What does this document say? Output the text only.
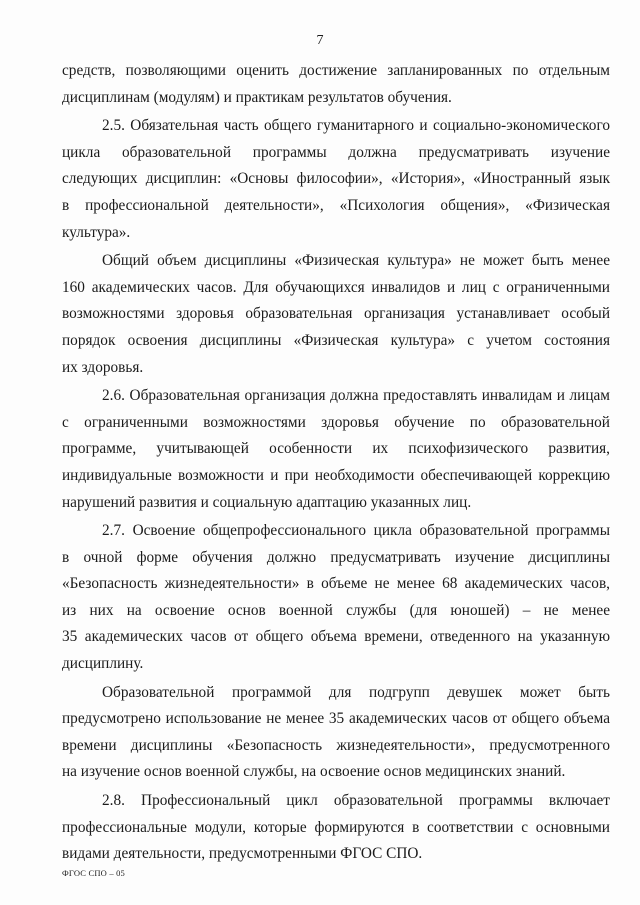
7
средств, позволяющими оценить достижение запланированных по отдельным
дисциплинам (модулям) и практикам результатов обучения.
2.5. Обязательная часть общего гуманитарного и социально-экономического
цикла образовательной программы должна предусматривать изучение
следующих дисциплин: «Основы философии», «История», «Иностранный язык
в профессиональной деятельности», «Психология общения», «Физическая
культура».
Общий объем дисциплины «Физическая культура» не может быть менее
160 академических часов. Для обучающихся инвалидов и лиц с ограниченными
возможностями здоровья образовательная организация устанавливает особый
порядок освоения дисциплины «Физическая культура» с учетом состояния
их здоровья.
2.6. Образовательная организация должна предоставлять инвалидам и лицам
с ограниченными возможностями здоровья обучение по образовательной
программе, учитывающей особенности их психофизического развития,
индивидуальные возможности и при необходимости обеспечивающей коррекцию
нарушений развития и социальную адаптацию указанных лиц.
2.7. Освоение общепрофессионального цикла образовательной программы
в очной форме обучения должно предусматривать изучение дисциплины
«Безопасность жизнедеятельности» в объеме не менее 68 академических часов,
из них на освоение основ военной службы (для юношей) – не менее
35 академических часов от общего объема времени, отведенного на указанную
дисциплину.
Образовательной программой для подгрупп девушек может быть
предусмотрено использование не менее 35 академических часов от общего объема
времени дисциплины «Безопасность жизнедеятельности», предусмотренного
на изучение основ военной службы, на освоение основ медицинских знаний.
2.8. Профессиональный цикл образовательной программы включает
профессиональные модули, которые формируются в соответствии с основными
видами деятельности, предусмотренными ФГОС СПО.
ФГОС СПО – 05
